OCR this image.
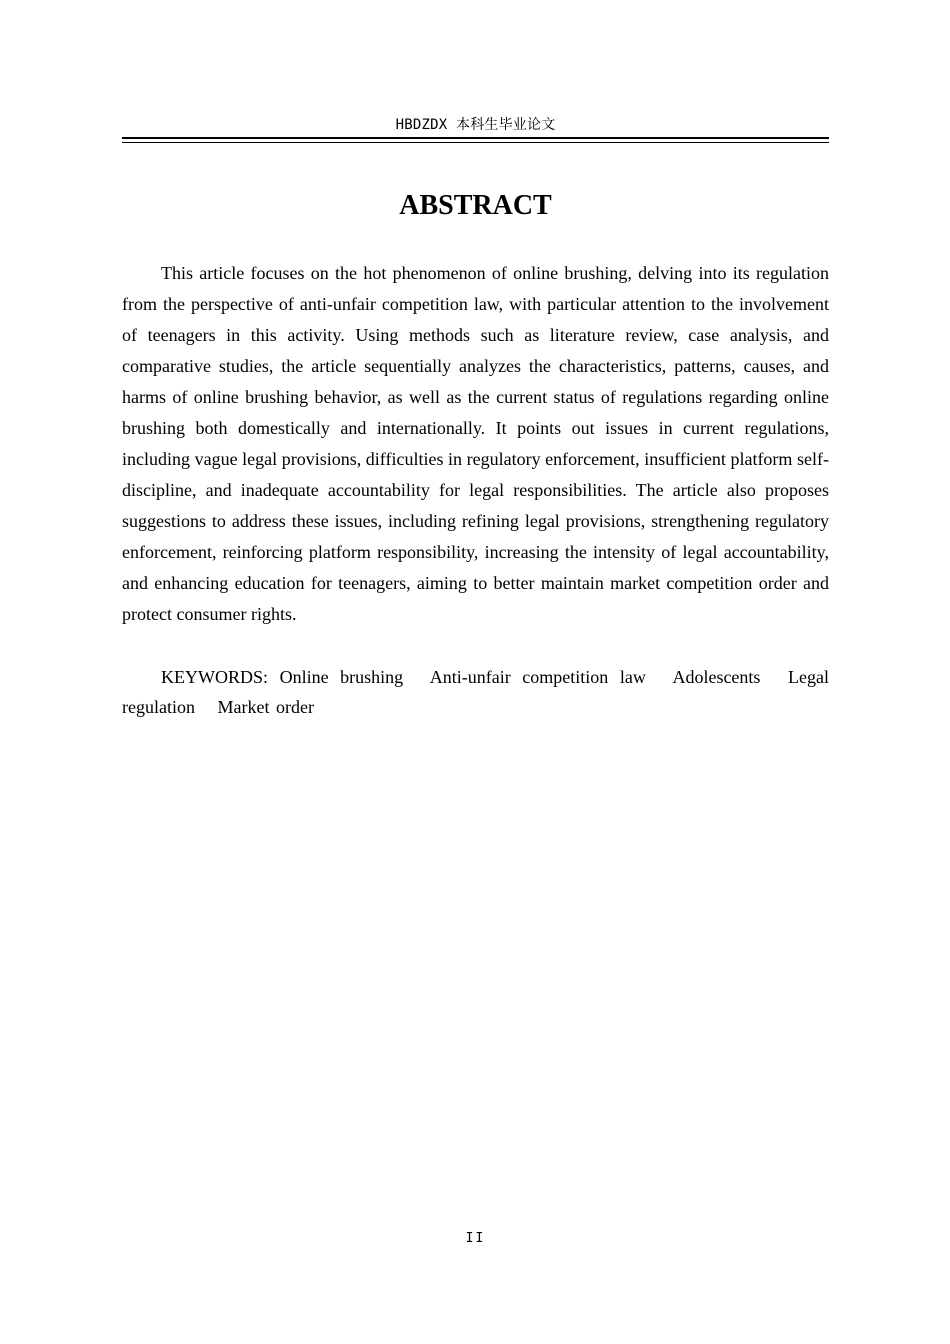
HBDZDX 本科生毕业论文
ABSTRACT

This article focuses on the hot phenomenon of online brushing, delving into its regulation from the perspective of anti-unfair competition law, with particular attention to the involvement of teenagers in this activity. Using methods such as literature review, case analysis, and comparative studies, the article sequentially analyzes the characteristics, patterns, causes, and harms of online brushing behavior, as well as the current status of regulations regarding online brushing both domestically and internationally. It points out issues in current regulations, including vague legal provisions, difficulties in regulatory enforcement, insufficient platform self-discipline, and inadequate accountability for legal responsibilities. The article also proposes suggestions to address these issues, including refining legal provisions, strengthening regulatory enforcement, reinforcing platform responsibility, increasing the intensity of legal accountability, and enhancing education for teenagers, aiming to better maintain market competition order and protect consumer rights.

KEYWORDS: Online brushing Anti-unfair competition law Adolescents Legal regulation Market order

II
